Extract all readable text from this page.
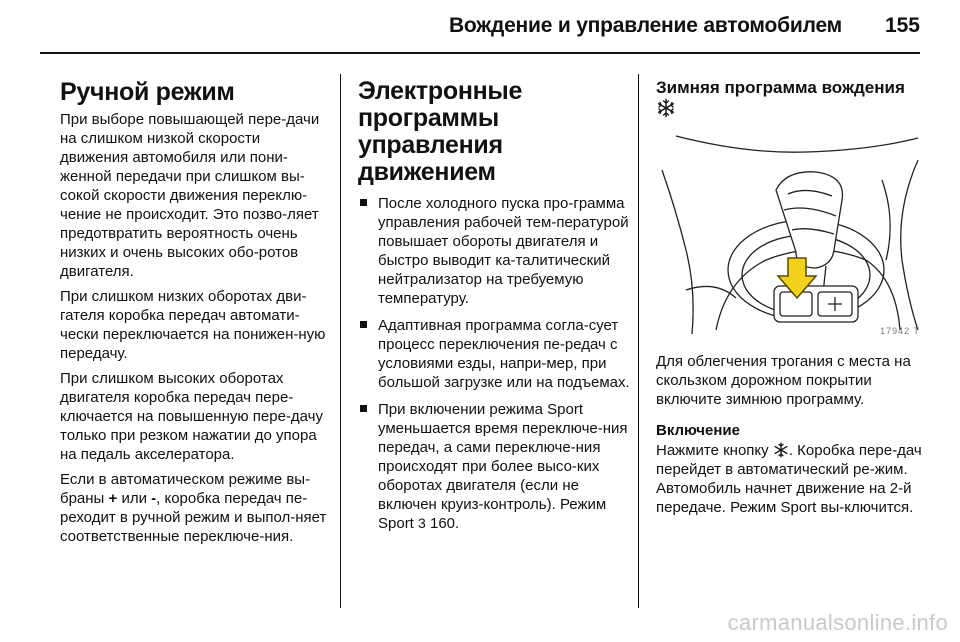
Вождение и управление автомобилем 155
Ручной режим

При выборе повышающей пере-дачи на слишком низкой скорости движения автомобиля или пони-женной передачи при слишком вы-сокой скорости движения переклю-чение не происходит. Это позво-ляет предотвратить вероятность очень низких и очень высоких обо-ротов двигателя.

При слишком низких оборотах дви-гателя коробка передач автомати-чески переключается на понижен-ную передачу.

При слишком высоких оборотах двигателя коробка передач пере-ключается на повышенную пере-дачу только при резком нажатии до упора на педаль акселератора.

Если в автоматическом режиме вы-браны + или -, коробка передач пе-реходит в ручной режим и выпол-няет соответственные переключе-ния.

Электронные программы управления движением
После холодного пуска про-грамма управления рабочей тем-пературой повышает обороты двигателя и быстро выводит ка-талитический нейтрализатор на требуемую температуру.
Адаптивная программа согла-сует процесс переключения пе-редач с условиями езды, напри-мер, при большой загрузке или на подъемах.
При включении режима Sport уменьшается время переключе-ния передач, а сами переключе-ния происходят при более высо-ких оборотах двигателя (если не включен круиз-контроль). Режим Sport 3 160.
Зимняя программа вождения
17942 T

Для облегчения трогания с места на скользком дорожном покрытии включите зимнюю программу.

Включение

Нажмите кнопку . Коробка пере-дач перейдет в автоматический ре-жим. Автомобиль начнет движение на 2-й передаче. Режим Sport вы-ключится.

carmanualsonline.info
